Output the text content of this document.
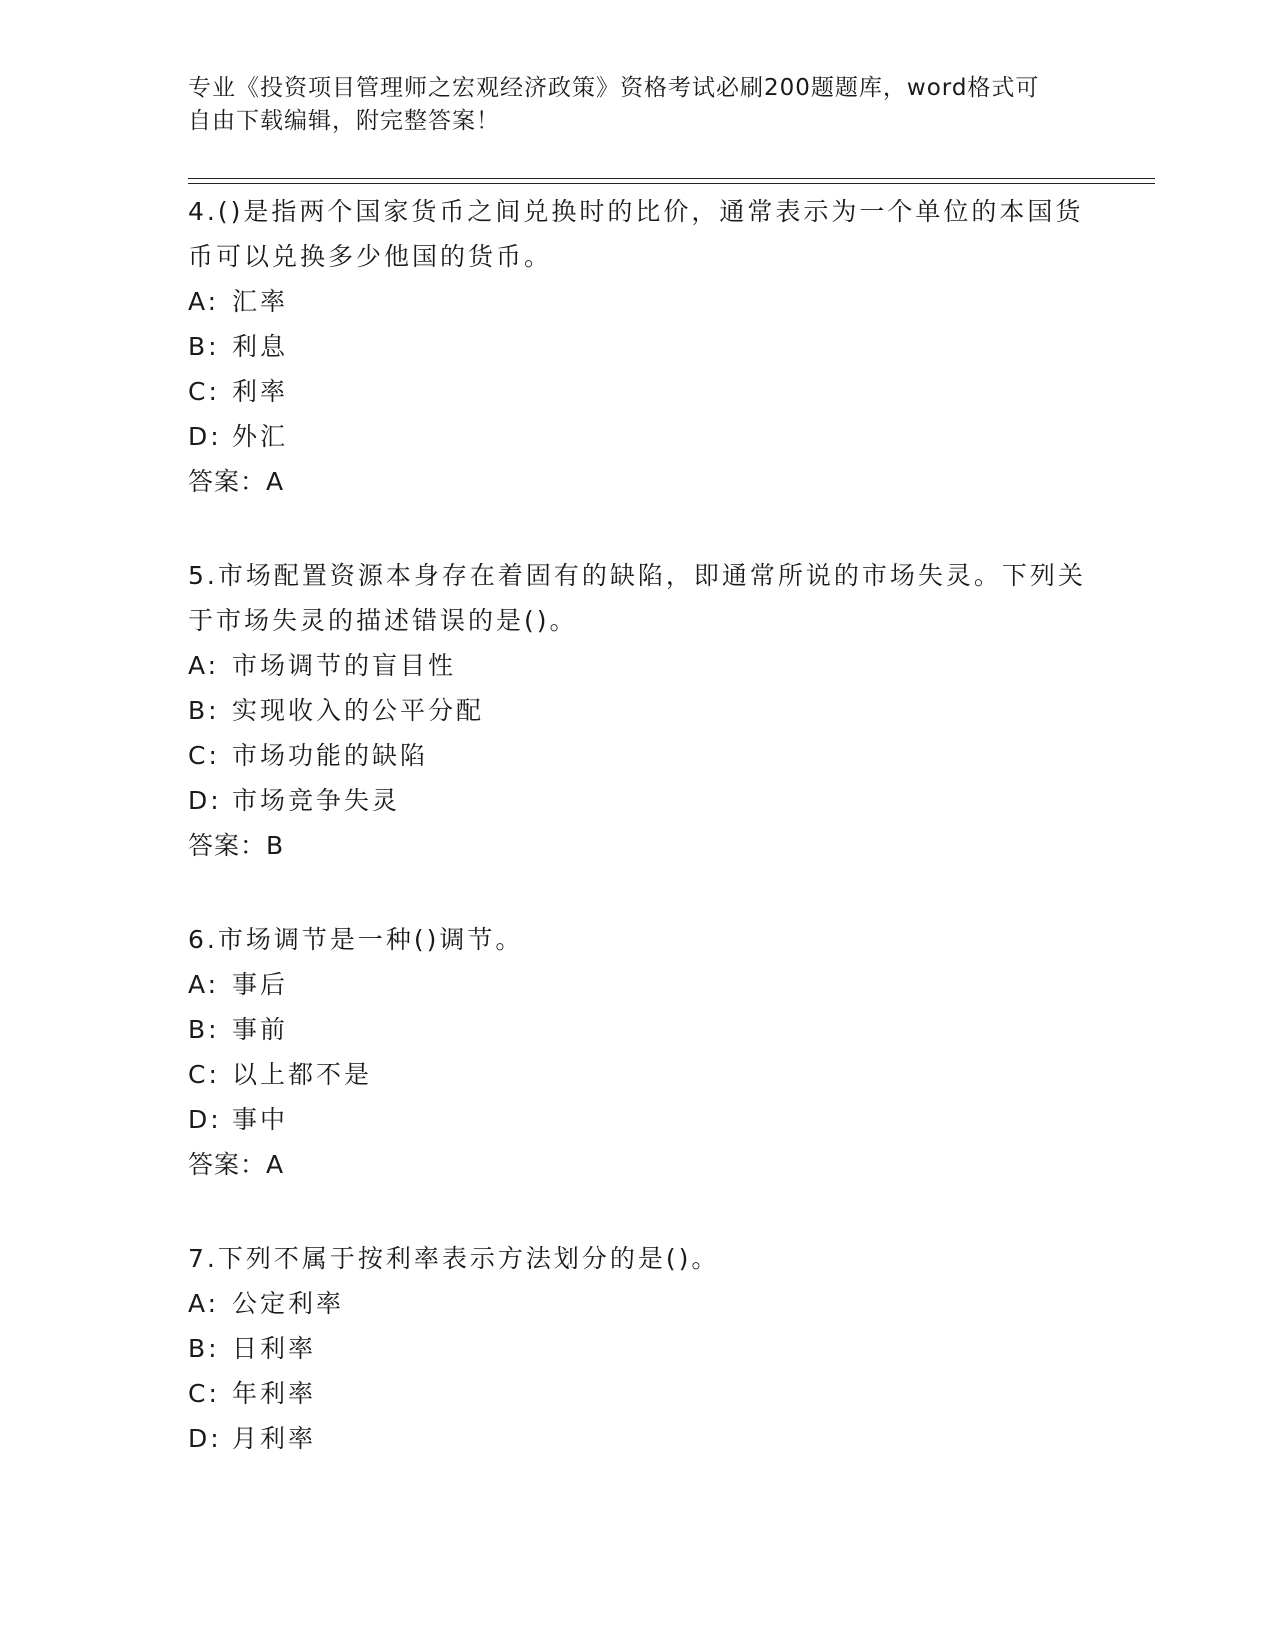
专业《投资项目管理师之宏观经济政策》资格考试必刷200题题库，word格式可
自由下载编辑，附完整答案！

4.()是指两个国家货币之间兑换时的比价，通常表示为一个单位的本国货币可以兑换多少他国的货币。

A: 汇率
B: 利息
C: 利率
D: 外汇

答案：A

5.市场配置资源本身存在着固有的缺陷，即通常所说的市场失灵。下列关于市场失灵的描述错误的是()。

A: 市场调节的盲目性
B: 实现收入的公平分配
C: 市场功能的缺陷
D: 市场竞争失灵

答案：B

6.市场调节是一种()调节。

A: 事后
B: 事前
C: 以上都不是
D: 事中

答案：A

7.下列不属于按利率表示方法划分的是()。

A: 公定利率
B: 日利率
C: 年利率
D: 月利率
